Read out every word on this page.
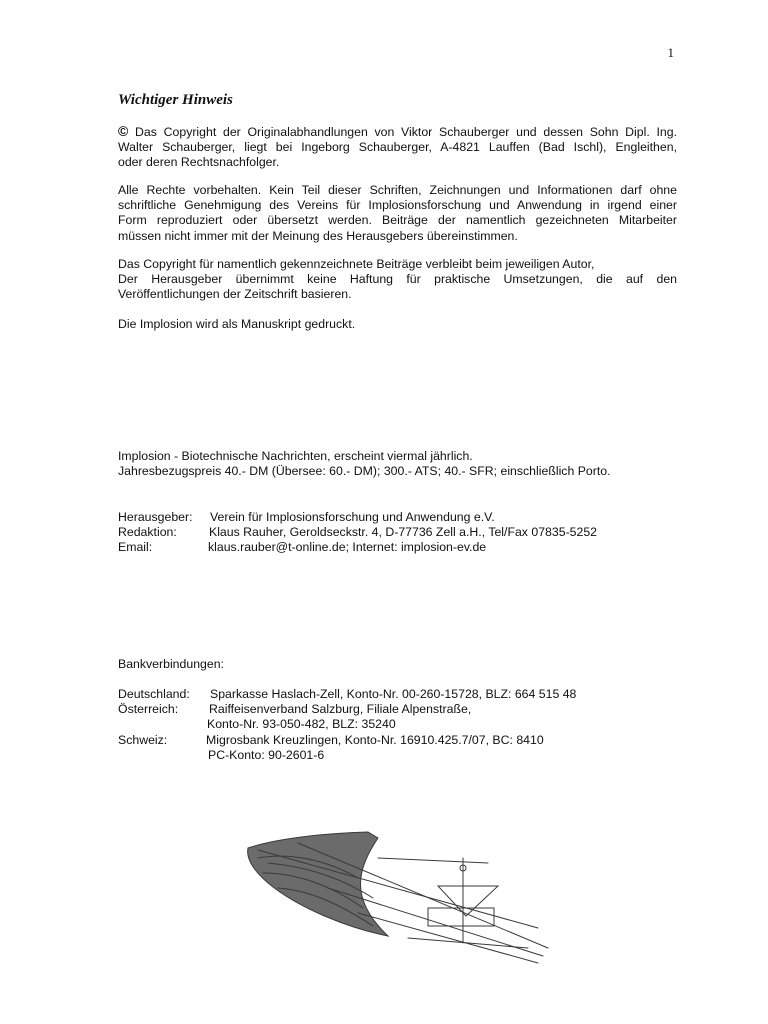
1
Wichtiger Hinweis
© Das Copyright der Originalabhandlungen von Viktor Schauberger und dessen Sohn Dipl. Ing.
Walter Schauberger, liegt bei Ingeborg Schauberger, A-4821 Lauffen (Bad Ischl), Engleithen,
oder deren Rechtsnachfolger.
Alle Rechte vorbehalten. Kein Teil dieser Schriften, Zeichnungen und Informationen darf ohne
schriftliche Genehmigung des Vereins für Implosionsforschung und Anwendung in irgend einer
Form reproduziert oder übersetzt werden. Beiträge der namentlich gezeichneten Mitarbeiter
müssen nicht immer mit der Meinung des Herausgebers übereinstimmen.
Das Copyright für namentlich gekennzeichnete Beiträge verbleibt beim jeweiligen Autor,
Der Herausgeber übernimmt keine Haftung für praktische Umsetzungen, die auf den
Veröffentlichungen der Zeitschrift basieren.
Die Implosion wird als Manuskript gedruckt.
Implosion - Biotechnische Nachrichten, erscheint viermal jährlich.
Jahresbezugspreis 40.- DM (Übersee: 60.- DM); 300.- ATS; 40.- SFR; einschließlich Porto.

Herausgeber:

Verein für Implosionsforschung und Anwendung e.V.

Redaktion:

	Klaus Rauher, Geroldseckstr. 4, D-77736 Zell a.H., Tel/Fax 07835-5252

Email:

	klaus.rauber@t-online.de; Internet: implosion-ev.de

Bankverbindungen:

Deutschland:

Sparkasse Haslach-Zell, Konto-Nr. 00-260-15728, BLZ: 664 515 48

Österreich:

	Raiffeisenverband Salzburg, Filiale Alpenstraße,

Konto-Nr. 93-050-482, BLZ: 35240

Schweiz:

	Migrosbank Kreuzlingen, Konto-Nr. 16910.425.7/07, BC: 8410

PC-Konto: 90-2601-6
